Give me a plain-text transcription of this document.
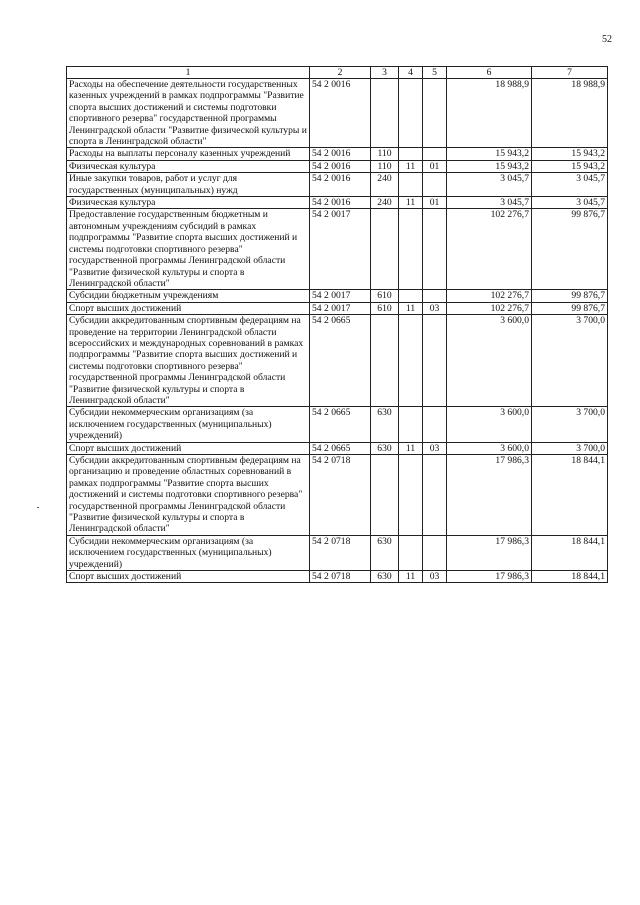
52
1	2	3	4	5	6	7
Расходы на обеспечение деятельности государственных казенных учреждений в рамках подпрограммы "Развитие спорта высших достижений и системы подготовки спортивного резерва" государственной программы Ленинградской области "Развитие физической культуры и спорта в Ленинградской области"	54 2 0016				18 988,9	18 988,9
Расходы на выплаты персоналу казенных учреждений	54 2 0016	110			15 943,2	15 943,2
Физическая культура	54 2 0016	110	11	01	15 943,2	15 943,2
Иные закупки товаров, работ и услуг для государственных (муниципальных) нужд	54 2 0016	240			3 045,7	3 045,7
Физическая культура	54 2 0016	240	11	01	3 045,7	3 045,7
Предоставление государственным бюджетным и автономным учреждениям субсидий в рамках подпрограммы "Развитие спорта высших достижений и системы подготовки спортивного резерва" государственной программы Ленинградской области "Развитие физической культуры и спорта в Ленинградской области"	54 2 0017				102 276,7	99 876,7
Субсидии бюджетным учреждениям	54 2 0017	610			102 276,7	99 876,7
Спорт высших достижений	54 2 0017	610	11	03	102 276,7	99 876,7
Субсидии аккредитованным спортивным федерациям на проведение на территории Ленинградской области всероссийских и международных соревнований в рамках подпрограммы "Развитие спорта высших достижений и системы подготовки спортивного резерва" государственной программы Ленинградской области "Развитие физической культуры и спорта в Ленинградской области"	54 2 0665				3 600,0	3 700,0
Субсидии некоммерческим организациям (за исключением государственных (муниципальных) учреждений)	54 2 0665	630			3 600,0	3 700,0
Спорт высших достижений	54 2 0665	630	11	03	3 600,0	3 700,0
Субсидии аккредитованным спортивным федерациям на организацию и проведение областных соревнований в рамках подпрограммы "Развитие спорта высших достижений и системы подготовки спортивного резерва" государственной программы Ленинградской области "Развитие физической культуры и спорта в Ленинградской области"	54 2 0718				17 986,3	18 844,1
Субсидии некоммерческим организациям (за исключением государственных (муниципальных) учреждений)	54 2 0718	630			17 986,3	18 844,1
Спорт высших достижений	54 2 0718	630	11	03	17 986,3	18 844,1
